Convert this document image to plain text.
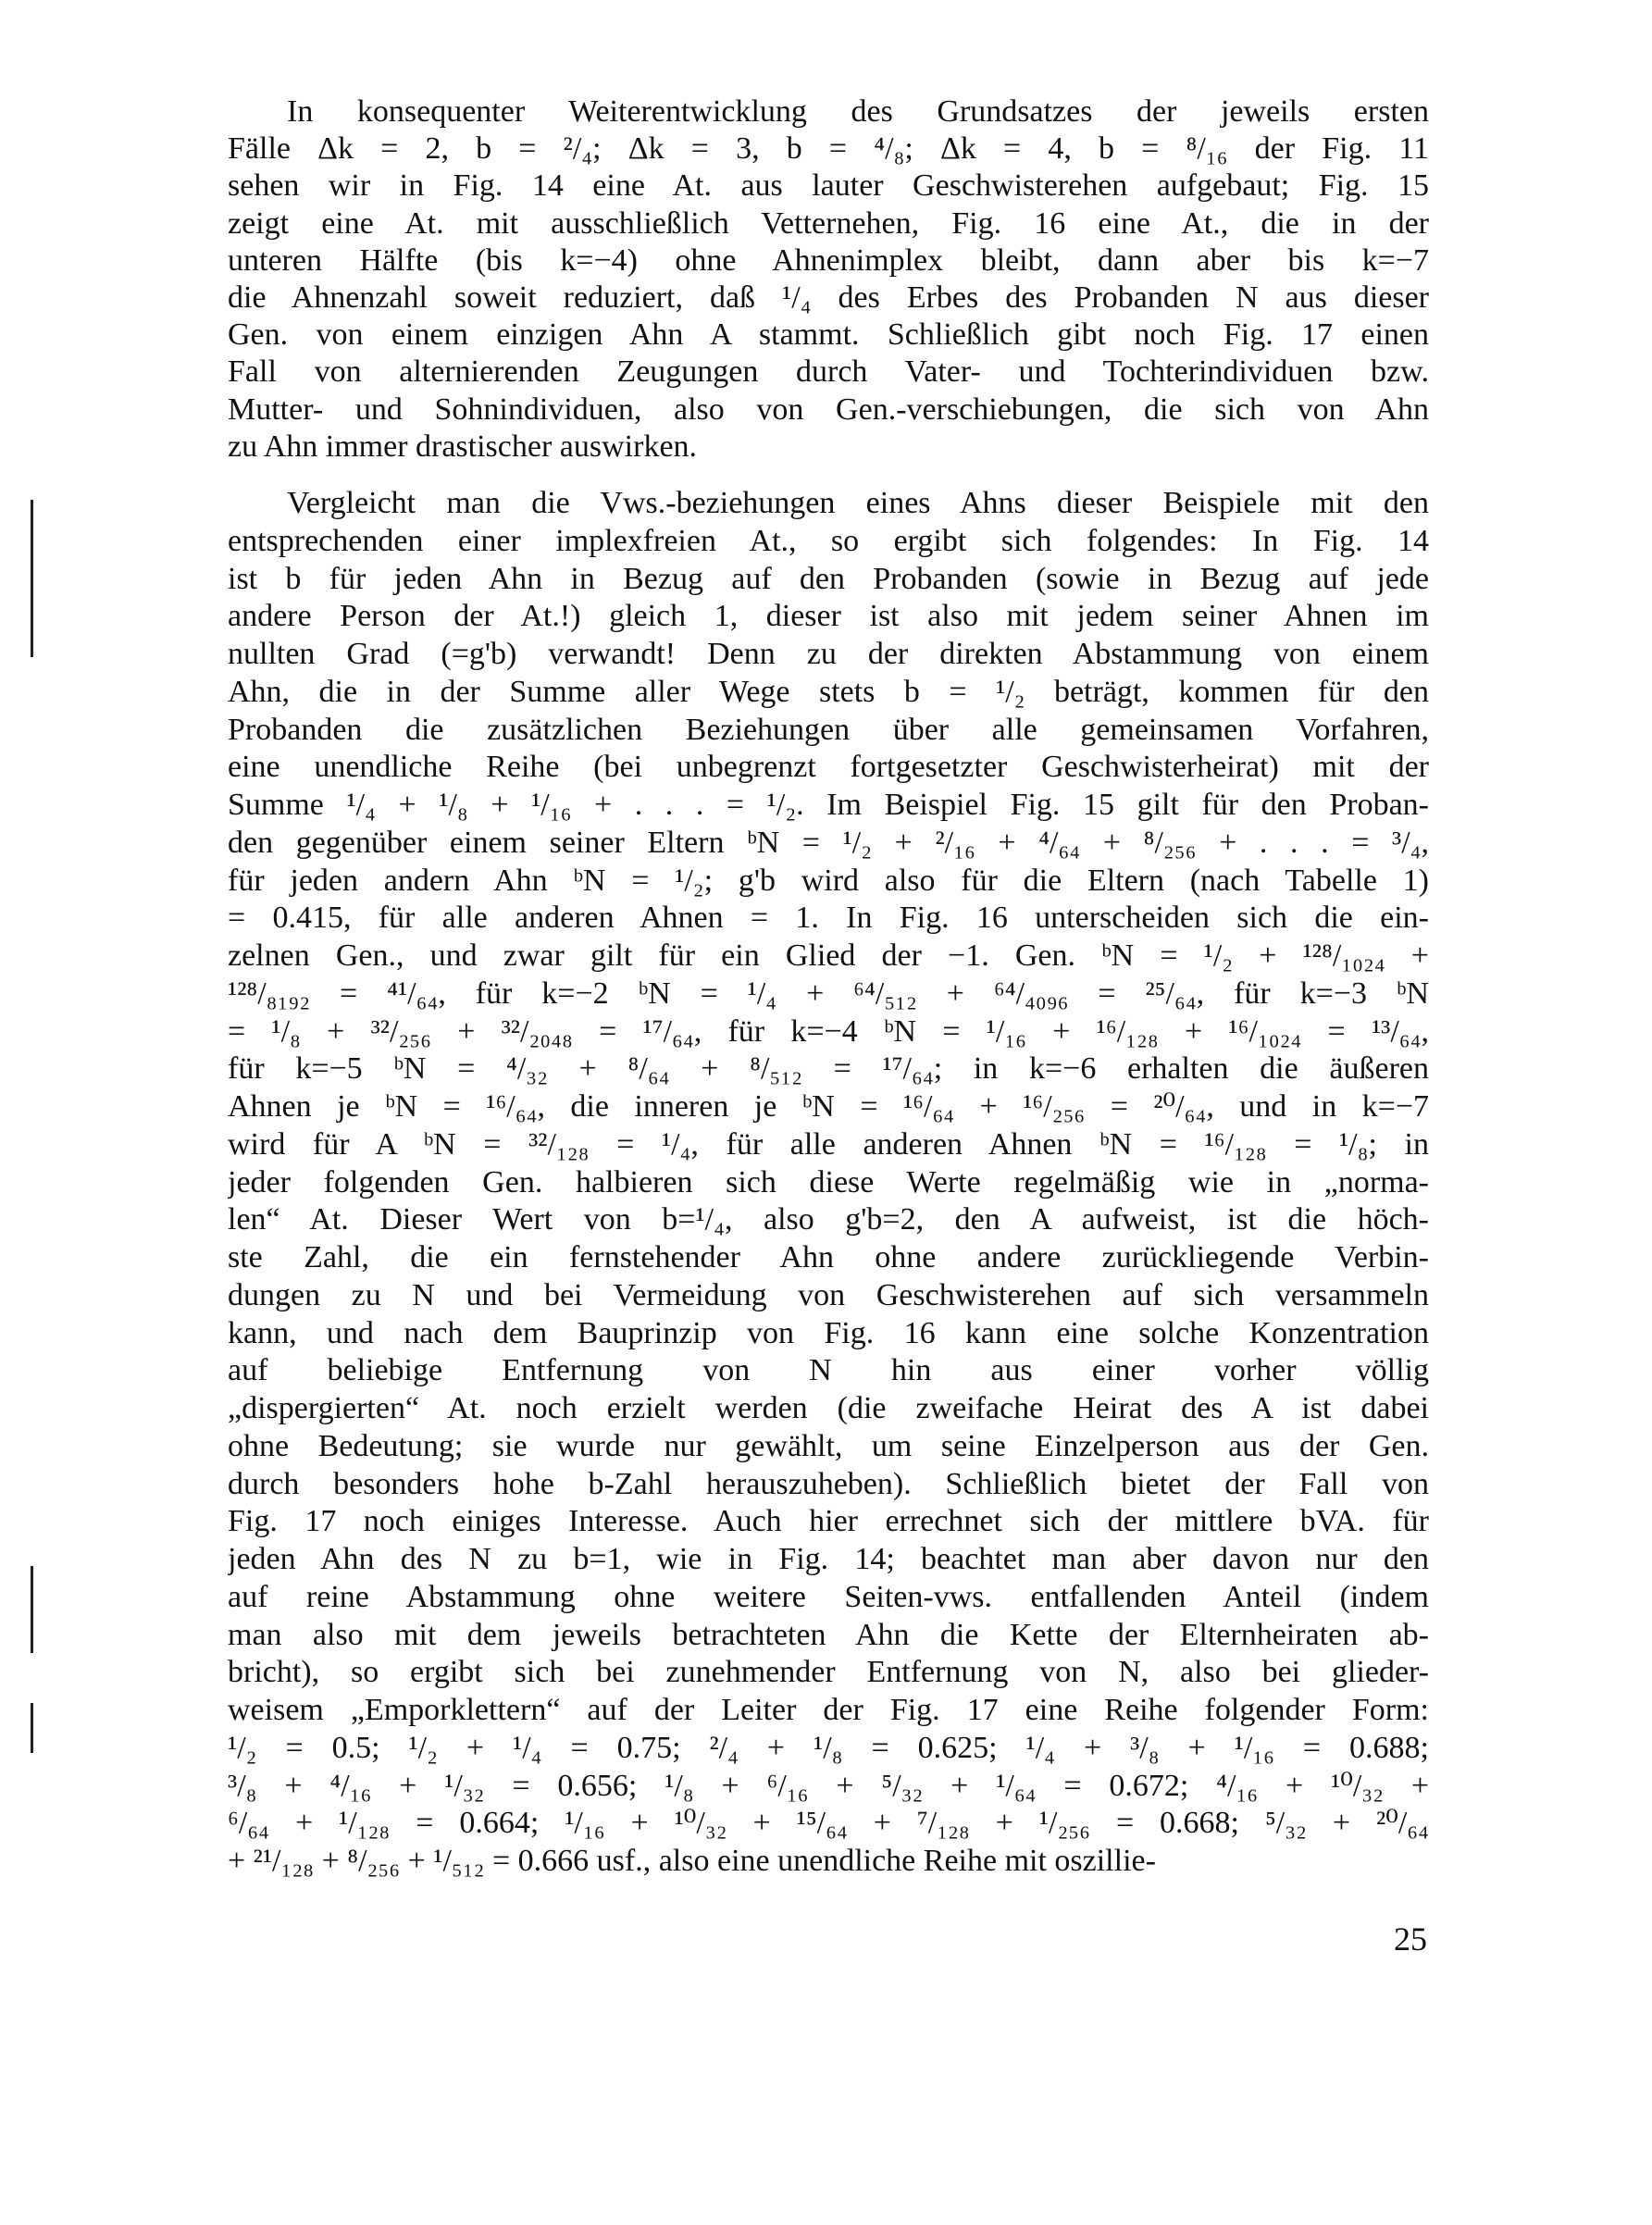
In konsequenter Weiterentwicklung des Grundsatzes der jeweils ersten
Fälle Δk = 2, b = ²/₄; Δk = 3, b = ⁴/₈; Δk = 4, b = ⁸/₁₆ der Fig. 11
sehen wir in Fig. 14 eine At. aus lauter Geschwisterehen aufgebaut; Fig. 15
zeigt eine At. mit ausschließlich Vetternehen, Fig. 16 eine At., die in der
unteren Hälfte (bis k=−4) ohne Ahnenimplex bleibt, dann aber bis k=−7
die Ahnenzahl soweit reduziert, daß ¹/₄ des Erbes des Probanden N aus dieser
Gen. von einem einzigen Ahn A stammt. Schließlich gibt noch Fig. 17 einen
Fall von alternierenden Zeugungen durch Vater- und Tochterindividuen bzw.
Mutter- und Sohnindividuen, also von Gen.-verschiebungen, die sich von Ahn
zu Ahn immer drastischer auswirken.
Vergleicht man die Vws.-beziehungen eines Ahns dieser Beispiele mit den
entsprechenden einer implexfreien At., so ergibt sich folgendes: In Fig. 14
ist b für jeden Ahn in Bezug auf den Probanden (sowie in Bezug auf jede
andere Person der At.!) gleich 1, dieser ist also mit jedem seiner Ahnen im
nullten Grad (=g'b) verwandt! Denn zu der direkten Abstammung von einem
Ahn, die in der Summe aller Wege stets b = ¹/₂ beträgt, kommen für den
Probanden die zusätzlichen Beziehungen über alle gemeinsamen Vorfahren,
eine unendliche Reihe (bei unbegrenzt fortgesetzter Geschwisterheirat) mit der
Summe ¹/₄ + ¹/₈ + ¹/₁₆ + . . . = ¹/₂. Im Beispiel Fig. 15 gilt für den Proban-
den gegenüber einem seiner Eltern ᵇN = ¹/₂ + ²/₁₆ + ⁴/₆₄ + ⁸/₂₅₆ + . . . = ³/₄,
für jeden andern Ahn ᵇN = ¹/₂; g'b wird also für die Eltern (nach Tabelle 1)
= 0.415, für alle anderen Ahnen = 1. In Fig. 16 unterscheiden sich die ein-
zelnen Gen., und zwar gilt für ein Glied der −1. Gen. ᵇN = ¹/₂ + ¹²⁸/₁₀₂₄ +
¹²⁸/₈₁₉₂ = ⁴¹/₆₄, für k=−2 ᵇN = ¹/₄ + ⁶⁴/₅₁₂ + ⁶⁴/₄₀₉₆ = ²⁵/₆₄, für k=−3 ᵇN
= ¹/₈ + ³²/₂₅₆ + ³²/₂₀₄₈ = ¹⁷/₆₄, für k=−4 ᵇN = ¹/₁₆ + ¹⁶/₁₂₈ + ¹⁶/₁₀₂₄ = ¹³/₆₄,
für k=−5 ᵇN = ⁴/₃₂ + ⁸/₆₄ + ⁸/₅₁₂ = ¹⁷/₆₄; in k=−6 erhalten die äußeren
Ahnen je ᵇN = ¹⁶/₆₄, die inneren je ᵇN = ¹⁶/₆₄ + ¹⁶/₂₅₆ = ²⁰/₆₄, und in k=−7
wird für A ᵇN = ³²/₁₂₈ = ¹/₄, für alle anderen Ahnen ᵇN = ¹⁶/₁₂₈ = ¹/₈; in
jeder folgenden Gen. halbieren sich diese Werte regelmäßig wie in „norma-
len“ At. Dieser Wert von b=¹/₄, also g'b=2, den A aufweist, ist die höch-
ste Zahl, die ein fernstehender Ahn ohne andere zurückliegende Verbin-
dungen zu N und bei Vermeidung von Geschwisterehen auf sich versammeln
kann, und nach dem Bauprinzip von Fig. 16 kann eine solche Konzentration
auf beliebige Entfernung von N hin aus einer vorher völlig
„dispergierten“ At. noch erzielt werden (die zweifache Heirat des A ist dabei
ohne Bedeutung; sie wurde nur gewählt, um seine Einzelperson aus der Gen.
durch besonders hohe b-Zahl herauszuheben). Schließlich bietet der Fall von
Fig. 17 noch einiges Interesse. Auch hier errechnet sich der mittlere bVA. für
jeden Ahn des N zu b=1, wie in Fig. 14; beachtet man aber davon nur den
auf reine Abstammung ohne weitere Seiten-vws. entfallenden Anteil (indem
man also mit dem jeweils betrachteten Ahn die Kette der Elternheiraten ab-
bricht), so ergibt sich bei zunehmender Entfernung von N, also bei glieder-
weisem „Emporklettern“ auf der Leiter der Fig. 17 eine Reihe folgender Form:
¹/₂ = 0.5; ¹/₂ + ¹/₄ = 0.75; ²/₄ + ¹/₈ = 0.625; ¹/₄ + ³/₈ + ¹/₁₆ = 0.688;
³/₈ + ⁴/₁₆ + ¹/₃₂ = 0.656; ¹/₈ + ⁶/₁₆ + ⁵/₃₂ + ¹/₆₄ = 0.672; ⁴/₁₆ + ¹⁰/₃₂ +
⁶/₆₄ + ¹/₁₂₈ = 0.664; ¹/₁₆ + ¹⁰/₃₂ + ¹⁵/₆₄ + ⁷/₁₂₈ + ¹/₂₅₆ = 0.668; ⁵/₃₂ + ²⁰/₆₄
+ ²¹/₁₂₈ + ⁸/₂₅₆ + ¹/₅₁₂ = 0.666 usf., also eine unendliche Reihe mit oszillie-
25
